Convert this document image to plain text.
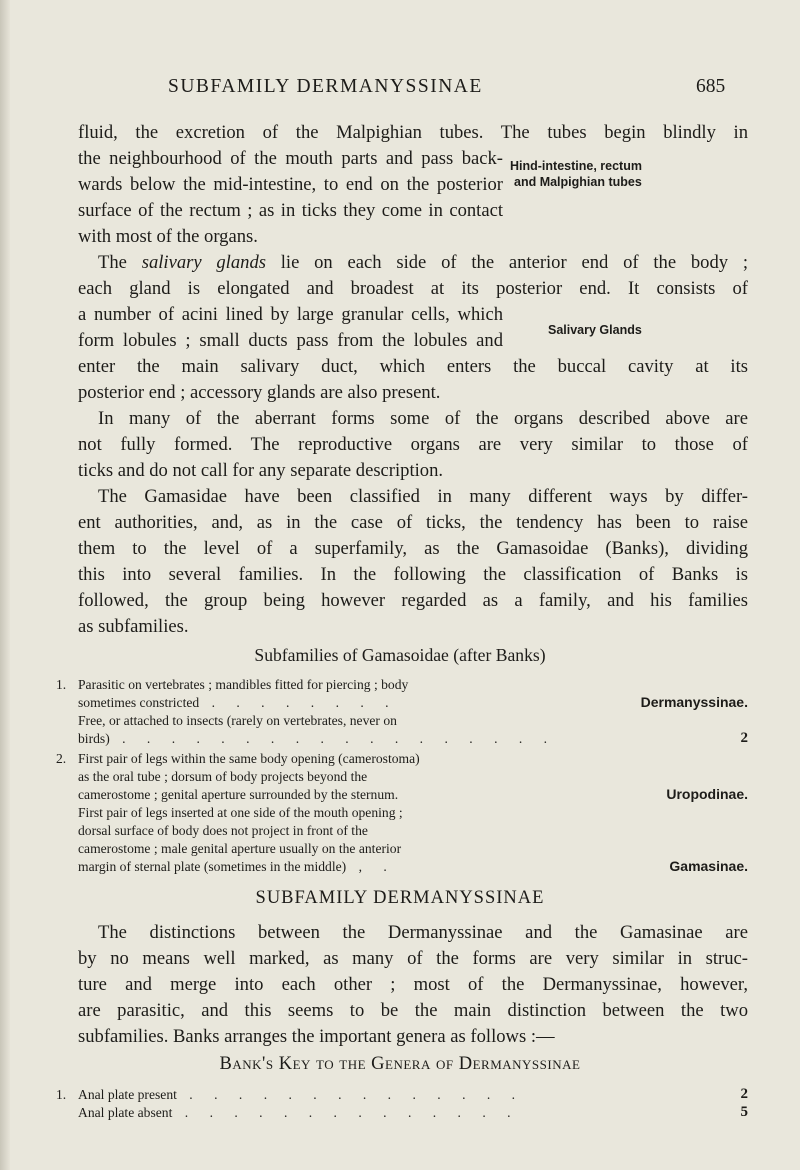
SUBFAMILY DERMANYSSINAE	685
fluid, the excretion of the Malpighian tubes. The tubes begin blindly in
the neighbourhood of the mouth parts and pass back-
wards below the mid-intestine, to end on the posterior
surface of the rectum ; as in ticks they come in contact
with most of the organs.
The salivary glands lie on each side of the anterior end of the body ;
each gland is elongated and broadest at its posterior end. It consists of
a number of acini lined by large granular cells, which
form lobules ; small ducts pass from the lobules and
enter the main salivary duct, which enters the buccal cavity at its
posterior end ; accessory glands are also present.
In many of the aberrant forms some of the organs described above are
not fully formed. The reproductive organs are very similar to those of
ticks and do not call for any separate description.
The Gamasidae have been classified in many different ways by differ-
ent authorities, and, as in the case of ticks, the tendency has been to raise
them to the level of a superfamily, as the Gamasoidae (Banks), dividing
this into several families. In the following the classification of Banks is
followed, the group being however regarded as a family, and his families
as subfamilies.
Hind-intestine, rectum
and Malpighian tubes
Salivary Glands
Subfamilies of Gamasoidae (after Banks)
1. Parasitic on vertebrates ; mandibles fitted for piercing ; body
sometimes constricted . . . . . . . .	Dermanyssinae.
Free, or attached to insects (rarely on vertebrates, never on
birds) . . . . . . . . . . . . . . . . . .	2
2. First pair of legs within the same body opening (camerostoma)
as the oral tube ; dorsum of body projects beyond the
camerostome ; genital aperture surrounded by the sternum.	Uropodinae.
First pair of legs inserted at one side of the mouth opening ;
dorsal surface of body does not project in front of the
camerostome ; male genital aperture usually on the anterior
margin of sternal plate (sometimes in the middle) , .	Gamasinae.
SUBFAMILY DERMANYSSINAE
The distinctions between the Dermanyssinae and the Gamasinae are
by no means well marked, as many of the forms are very similar in struc-
ture and merge into each other ; most of the Dermanyssinae, however,
are parasitic, and this seems to be the main distinction between the two
subfamilies. Banks arranges the important genera as follows :—
Bank's Key to the Genera of Dermanyssinae
1. Anal plate present . . . . . . . . . . . . . .	2
Anal plate absent . . . . . . . . . . . . . .	5
